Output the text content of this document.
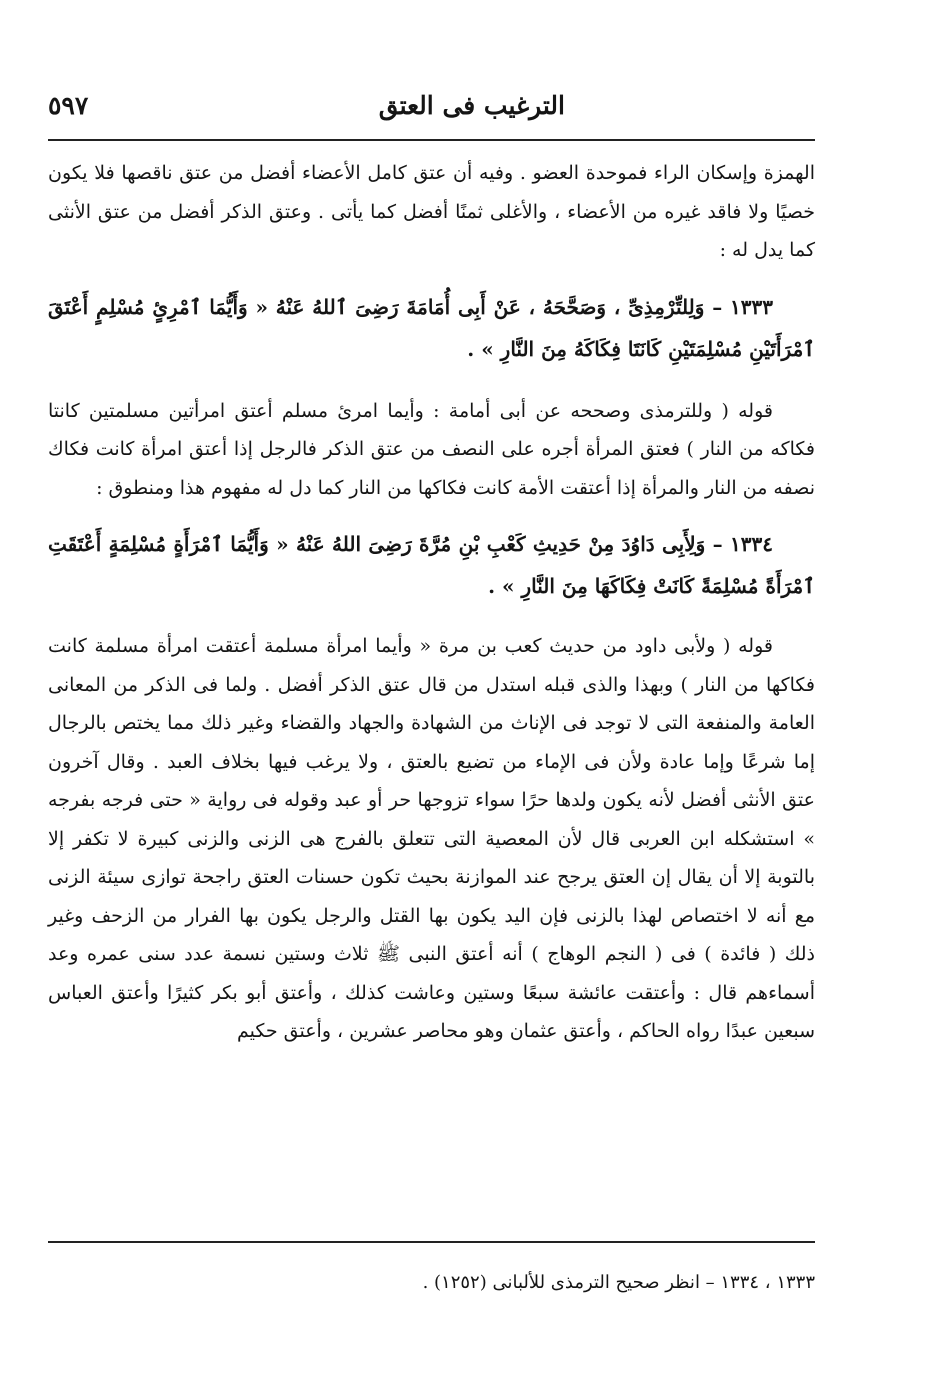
الترغيب فى العتق
٥٩٧

الهمزة وإسكان الراء فموحدة العضو . وفيه أن عتق كامل الأعضاء أفضل من عتق ناقصها فلا يكون خصيًا ولا فاقد غيره من الأعضاء ، والأغلى ثمنًا أفضل كما يأتى . وعتق الذكر أفضل من عتق الأنثى كما يدل له :

١٣٣٣ – وَلِلتِّرْمِذِىِّ ، وَصَحَّحَهُ ، عَنْ أَبِى أُمَامَةَ رَضِىَ ٱللهُ عَنْهُ « وَأَيُّمَا ٱمْرِئٍ مُسْلِمٍ أَعْتَقَ ٱمْرَأَتَيْنِ مُسْلِمَتَيْنِ كَانَتَا فِكَاكَهُ مِنَ النَّارِ » .

قوله ( وللترمذى وصححه عن أبى أمامة : وأيما امرئ مسلم أعتق امرأتين مسلمتين كانتا فكاكه من النار ) فعتق المرأة أجره على النصف من عتق الذكر فالرجل إذا أعتق امرأة كانت فكاك نصفه من النار والمرأة إذا أعتقت الأمة كانت فكاكها من النار كما دل له مفهوم هذا ومنطوق :

١٣٣٤ – وَلِأَبِى دَاوُدَ مِنْ حَدِيثِ كَعْبِ بْنِ مُرَّةَ رَضِىَ اللهُ عَنْهُ « وَأَيُّمَا ٱمْرَأَةٍ مُسْلِمَةٍ أَعْتَقَتِ ٱمْرَأَةً مُسْلِمَةً كَانَتْ فِكَاكَهَا مِنَ النَّارِ » .

قوله ( ولأبى داود من حديث كعب بن مرة « وأيما امرأة مسلمة أعتقت امرأة مسلمة كانت فكاكها من النار ) وبهذا والذى قبله استدل من قال عتق الذكر أفضل . ولما فى الذكر من المعانى العامة والمنفعة التى لا توجد فى الإناث من الشهادة والجهاد والقضاء وغير ذلك مما يختص بالرجال إما شرعًا وإما عادة ولأن فى الإماء من تضيع بالعتق ، ولا يرغب فيها بخلاف العبد . وقال آخرون عتق الأنثى أفضل لأنه يكون ولدها حرًا سواء تزوجها حر أو عبد وقوله فى رواية « حتى فرجه بفرجه » استشكله ابن العربى قال لأن المعصية التى تتعلق بالفرج هى الزنى والزنى كبيرة لا تكفر إلا بالتوبة إلا أن يقال إن العتق يرجح عند الموازنة بحيث تكون حسنات العتق راجحة توازى سيئة الزنى مع أنه لا اختصاص لهذا بالزنى فإن اليد يكون بها القتل والرجل يكون بها الفرار من الزحف وغير ذلك ( فائدة ) فى ( النجم الوهاج ) أنه أعتق النبى ﷺ ثلاث وستين نسمة عدد سنى عمره وعد أسماءهم قال : وأعتقت عائشة سبعًا وستين وعاشت كذلك ، وأعتق أبو بكر كثيرًا وأعتق العباس سبعين عبدًا رواه الحاكم ، وأعتق عثمان وهو محاصر عشرين ، وأعتق حكيم

١٣٣٣ ، ١٣٣٤ – انظر صحيح الترمذى للألبانى (١٢٥٢) .
